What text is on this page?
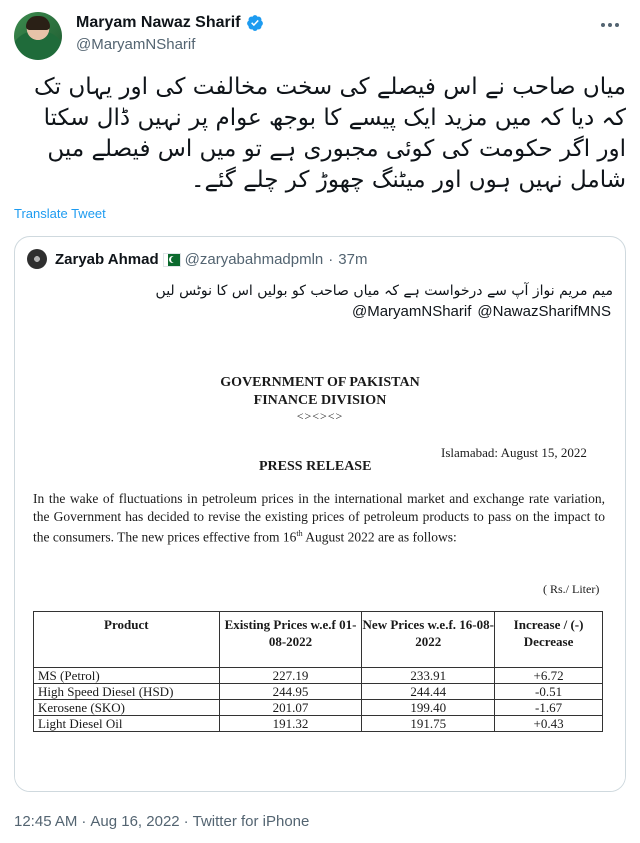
Maryam Nawaz Sharif
@MaryamNSharif
میاں صاحب نے اس فیصلے کی سخت مخالفت کی اور یہاں تک کہ دیا کہ میں مزید ایک پیسے کا بوجھ عوام پر نہیں ڈال سکتا اور اگر حکومت کی کوئی مجبوری ہے تو میں اس فیصلے میں شامل نہیں ہوں اور میٹنگ چھوڑ کر چلے گئے۔
Translate Tweet
Zaryab Ahmad @zaryabahmadpmln · 37m
میم مریم نواز آپ سے درخواست ہے کہ میاں صاحب کو بولیں اس کا نوٹس لیں
@MaryamNSharif @NawazSharifMNS
GOVERNMENT OF PAKISTAN
FINANCE DIVISION
<><><>
Islamabad: August 15, 2022
PRESS RELEASE
In the wake of fluctuations in petroleum prices in the international market and exchange rate variation, the Government has decided to revise the existing prices of petroleum products to pass on the impact to the consumers. The new prices effective from 16th August 2022 are as follows:
( Rs./ Liter)
Product	Existing Prices w.e.f 01-08-2022	New Prices w.e.f. 16-08-2022	Increase / (-) Decrease
MS (Petrol)	227.19	233.91	+6.72
High Speed Diesel (HSD)	244.95	244.44	-0.51
Kerosene (SKO)	201.07	199.40	-1.67
Light Diesel Oil	191.32	191.75	+0.43
12:45 AM · Aug 16, 2022 · Twitter for iPhone
